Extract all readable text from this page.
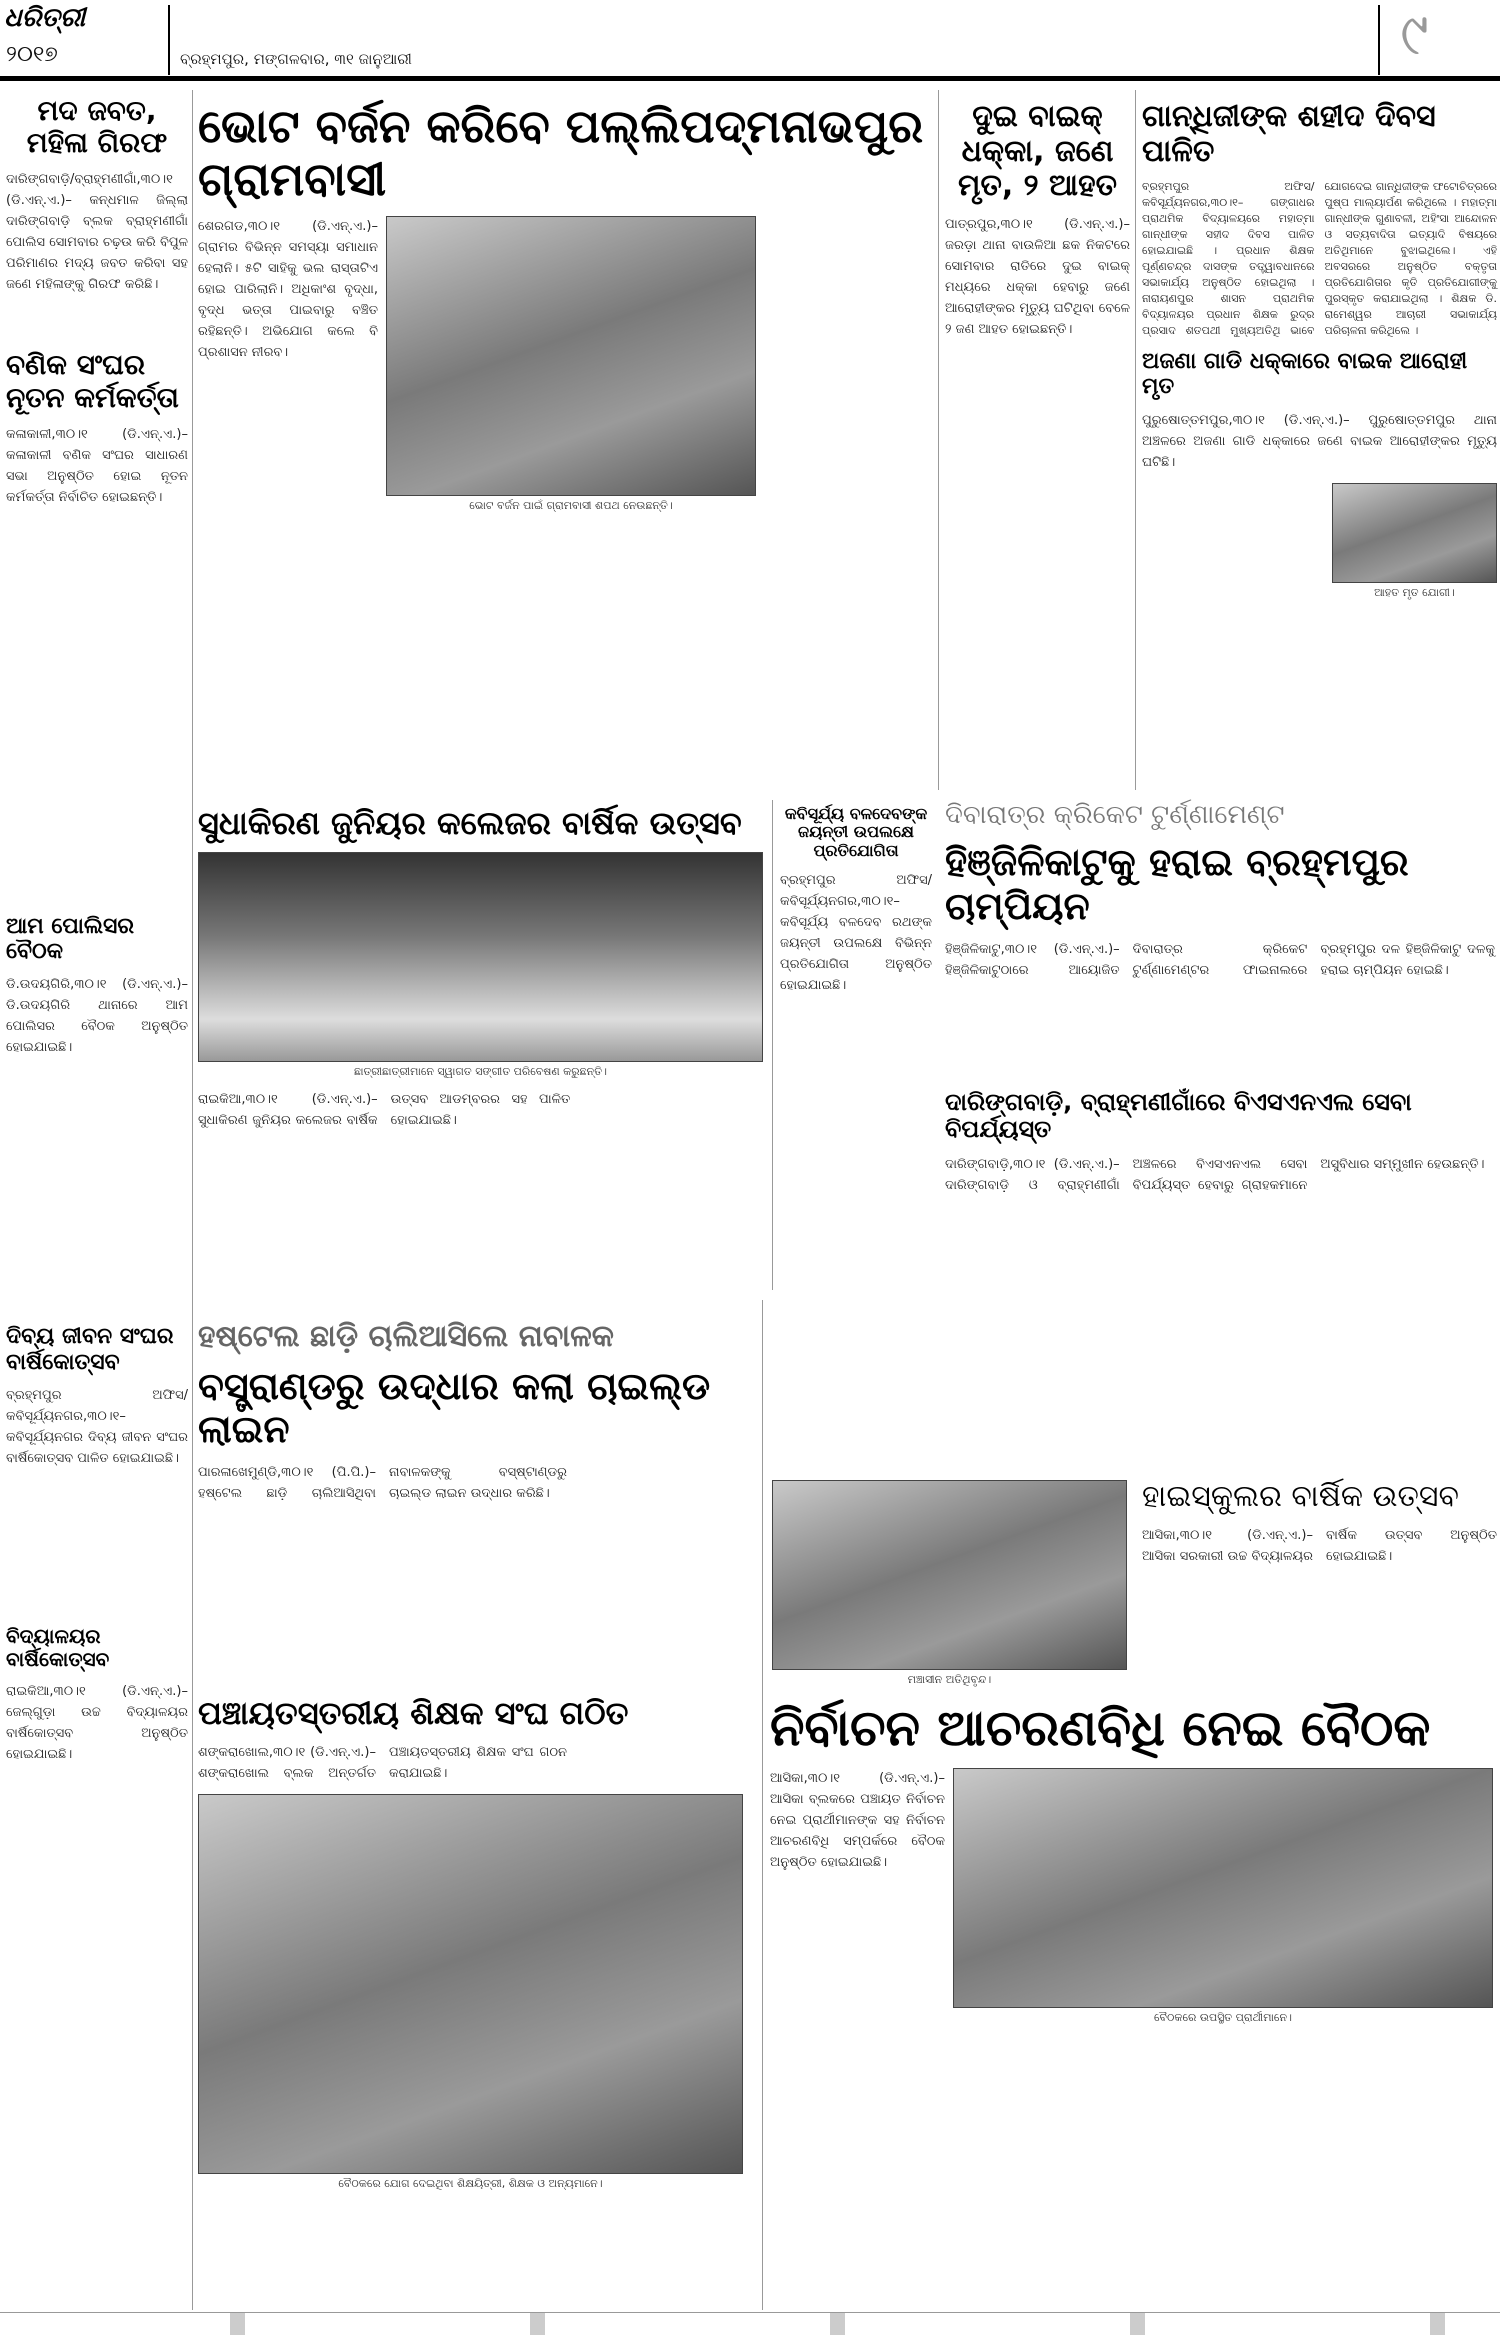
ଧରିତ୍ରୀ
୨୦୧୭	ବ୍ରହ୍ମପୁର, ମଙ୍ଗଳବାର, ୩୧ ଜାନୁଆରୀ	୯
ମଦ ଜବତ, ମହିଳା ଗିରଫ
ଦାରିଙ୍ଗବାଡ଼ି/ବ୍ରାହ୍ମଣୀଗାଁ,୩୦।୧ (ଡି.ଏନ୍.ଏ.)– କନ୍ଧମାଳ ଜିଲ୍ଲା ଦାରିଙ୍ଗବାଡ଼ି ବ୍ଲକ ବ୍ରାହ୍ମଣୀଗାଁ ପୋଲିସ ସୋମବାର ଚଢ଼ଉ କରି ବିପୁଳ ପରିମାଣର ମଦ୍ୟ ଜବତ କରିବା ସହ ଜଣେ ମହିଳାଙ୍କୁ ଗିରଫ କରିଛି।
ବଣିକ ସଂଘର ନୂତନ କର୍ମକର୍ତ୍ତା
କଳାକାଳୀ,୩୦।୧ (ଡି.ଏନ୍.ଏ.)– କଳାକାଳୀ ବଣିକ ସଂଘର ସାଧାରଣ ସଭା ଅନୁଷ୍ଠିତ ହୋଇ ନୂତନ କର୍ମକର୍ତ୍ତା ନିର୍ବାଚିତ ହୋଇଛନ୍ତି।
ଆମ ପୋଲିସର ବୈଠକ
ଡି.ଉଦୟଗିରି,୩୦।୧ (ଡି.ଏନ୍.ଏ.)– ଡି.ଉଦୟଗିରି ଥାନାରେ ଆମ ପୋଲିସର ବୈଠକ ଅନୁଷ୍ଠିତ ହୋଇଯାଇଛି।
ଦିବ୍ୟ ଜୀବନ ସଂଘର ବାର୍ଷିକୋତ୍ସବ
ବ୍ରହ୍ମପୁର ଅଫିସ/କବିସୂର୍ଯ୍ୟନଗର,୩୦।୧– କବିସୂର୍ଯ୍ୟନଗର ଦିବ୍ୟ ଜୀବନ ସଂଘର ବାର୍ଷିକୋତ୍ସବ ପାଳିତ ହୋଇଯାଇଛି।
ବିଦ୍ୟାଳୟର ବାର୍ଷିକୋତ୍ସବ
ରାଇକିଆ,୩୦।୧ (ଡି.ଏନ୍.ଏ.)– ଜେଲ୍ଗୁଡ଼ା ଉଚ୍ଚ ବିଦ୍ୟାଳୟର ବାର୍ଷିକୋତ୍ସବ ଅନୁଷ୍ଠିତ ହୋଇଯାଇଛି।
ଭୋଟ ବର୍ଜନ କରିବେ ପଲ୍ଲିପଦ୍ମନାଭପୁର ଗ୍ରାମବାସୀ
ଶେରଗଡ,୩୦।୧ (ଡି.ଏନ୍.ଏ.)– ଗ୍ରାମର ବିଭିନ୍ନ ସମସ୍ୟା ସମାଧାନ ହେଲାନି। ୫ଟି ସାହିକୁ ଭଲ ରାସ୍ତାଟିଏ ହୋଇ ପାରିଲାନି। ଅଧିକାଂଶ ବୃଦ୍ଧା, ବୃଦ୍ଧ ଭତ୍ତା ପାଇବାରୁ ବଞ୍ଚିତ ରହିଛନ୍ତି। ଅଭିଯୋଗ କଲେ ବି ପ୍ରଶାସନ ନୀରବ।
ଭୋଟ ବର୍ଜନ ପାଇଁ ଗ୍ରାମବାସୀ ଶପଥ ନେଉଛନ୍ତି।
ଦୁଇ ବାଇକ୍ ଧକ୍କା, ଜଣେ ମୃତ, ୨ ଆହତ
ପାତ୍ରପୁର,୩୦।୧ (ଡି.ଏନ୍.ଏ.)– ଜରଡ଼ା ଥାନା ବାଉଳିଆ ଛକ ନିକଟରେ ସୋମବାର ରାତିରେ ଦୁଇ ବାଇକ୍ ମଧ୍ୟରେ ଧକ୍କା ହେବାରୁ ଜଣେ ଆରୋହୀଙ୍କର ମୃତ୍ୟୁ ଘଟିଥିବା ବେଳେ ୨ ଜଣ ଆହତ ହୋଇଛନ୍ତି।
ଗାନ୍ଧିଜୀଙ୍କ ଶହୀଦ ଦିବସ ପାଳିତ
ବ୍ରହ୍ମପୁର ଅଫିସ/ କବିସୂର୍ଯ୍ୟନଗର,୩୦।୧– ଗଙ୍ଗାଧର ପ୍ରାଥମିକ ବିଦ୍ୟାଳୟରେ ମହାତ୍ମା ଗାନ୍ଧୀଙ୍କ ସହୀଦ ଦିବସ ପାଳିତ ହୋଇଯାଇଛି । ପ୍ରଧାନ ଶିକ୍ଷକ ପୂର୍ଣ୍ଣଚନ୍ଦ୍ର ଦାସଙ୍କ ତତ୍ତ୍ୱାବଧାନରେ ସଭାକାର୍ଯ୍ୟ ଅନୁଷ୍ଠିତ ହୋଇଥିଲା । ନାରାୟଣପୁର ଶାସନ ପ୍ରାଥମିକ ବିଦ୍ୟାଳୟର ପ୍ରଧାନ ଶିକ୍ଷକ ରୁଦ୍ର ପ୍ରସାଦ ଶତପଥୀ ମୁଖ୍ୟଅତିଥି ଭାବେ ଯୋଗଦେଇ ଗାନ୍ଧିଜୀଙ୍କ ଫଟୋଚିତ୍ରରେ ପୁଷ୍ପ ମାଲ୍ୟାର୍ପଣ କରିଥିଲେ । ମହାତ୍ମା ଗାନ୍ଧୀଙ୍କ ଗୁଣାବଳୀ, ଅହିଂସା ଆନ୍ଦୋଳନ ଓ ସତ୍ୟବାଦିତା ଇତ୍ୟାଦି ବିଷୟରେ ଅତିଥିମାନେ ବୁଝାଇଥିଲେ। ଏହି ଅବସରରେ ଅନୁଷ୍ଠିତ ବକ୍ତୃତା ପ୍ରତିଯୋଗିତାର କୃତି ପ୍ରତିଯୋଗୀଙ୍କୁ ପୁରସ୍କୃତ କରାଯାଇଥିଲା । ଶିକ୍ଷକ ଡି. ରାମେଶ୍ୱର ଆଚାରୀ ସଭାକାର୍ଯ୍ୟ ପରିଚାଳନା କରିଥିଲେ ।
ଅଜଣା ଗାଡି ଧକ୍କାରେ ବାଇକ ଆରୋହୀ ମୃତ
ପୁରୁଷୋତ୍ତମପୁର,୩୦।୧ (ଡି.ଏନ୍.ଏ.)– ପୁରୁଷୋତ୍ତମପୁର ଥାନା ଅଞ୍ଚଳରେ ଅଜଣା ଗାଡି ଧକ୍କାରେ ଜଣେ ବାଇକ ଆରୋହୀଙ୍କର ମୃତ୍ୟୁ ଘଟିଛି।
ଆହତ ମୃତ ଯୋଗୀ।
ସୁଧାକିରଣ ଜୁନିୟର କଲେଜର ବାର୍ଷିକ ଉତ୍ସବ
ଛାତ୍ରୀଛାତ୍ରୀମାନେ ସ୍ୱାଗତ ସଙ୍ଗୀତ ପରିବେଷଣ କରୁଛନ୍ତି।
ରାଇକିଆ,୩୦।୧ (ଡି.ଏନ୍.ଏ.)– ସୁଧାକିରଣ ଜୁନିୟର କଲେଜର ବାର୍ଷିକ ଉତ୍ସବ ଆଡମ୍ବରର ସହ ପାଳିତ ହୋଇଯାଇଛି।
କବିସୂର୍ଯ୍ୟ ବଳଦେବଙ୍କ ଜୟନ୍ତୀ ଉପଲକ୍ଷେ ପ୍ରତିଯୋଗିତା
ବ୍ରହ୍ମପୁର ଅଫିସ/ କବିସୂର୍ଯ୍ୟନଗର,୩୦।୧– କବିସୂର୍ଯ୍ୟ ବଳଦେବ ରଥଙ୍କ ଜୟନ୍ତୀ ଉପଲକ୍ଷେ ବିଭିନ୍ନ ପ୍ରତିଯୋଗିତା ଅନୁଷ୍ଠିତ ହୋଇଯାଇଛି।
ଦିବାରାତ୍ର କ୍ରିକେଟ ଟୁର୍ଣ୍ଣାମେଣ୍ଟ
ହିଞ୍ଜିଳିକାଟୁକୁ ହରାଇ ବ୍ରହ୍ମପୁର ଚାମ୍ପିୟନ
ହିଞ୍ଜିଳିକାଟୁ,୩୦।୧ (ଡି.ଏନ୍.ଏ.)– ହିଞ୍ଜିଳିକାଟୁଠାରେ ଆୟୋଜିତ ଦିବାରାତ୍ର କ୍ରିକେଟ ଟୁର୍ଣ୍ଣାମେଣ୍ଟର ଫାଇନାଲରେ ବ୍ରହ୍ମପୁର ଦଳ ହିଞ୍ଜିଳିକାଟୁ ଦଳକୁ ହରାଇ ଚାମ୍ପିୟନ ହୋଇଛି।
ଦାରିଙ୍ଗବାଡ଼ି, ବ୍ରାହ୍ମଣୀଗାଁରେ ବିଏସଏନଏଲ ସେବା ବିପର୍ଯ୍ୟସ୍ତ
ଦାରିଙ୍ଗବାଡ଼ି,୩୦।୧ (ଡି.ଏନ୍.ଏ.)– ଦାରିଙ୍ଗବାଡ଼ି ଓ ବ୍ରାହ୍ମଣୀଗାଁ ଅଞ୍ଚଳରେ ବିଏସଏନଏଲ ସେବା ବିପର୍ଯ୍ୟସ୍ତ ହେବାରୁ ଗ୍ରାହକମାନେ ଅସୁବିଧାର ସମ୍ମୁଖୀନ ହେଉଛନ୍ତି।
ହଷ୍ଟେଲ ଛାଡ଼ି ଚାଲିଆସିଲେ ନାବାଳକ
ବସ୍ତ୍ରାଣ୍ଡରୁ ଉଦ୍ଧାର କଲା ଚାଇଲ୍ଡ ଲାଇନ
ପାରଳାଖେମୁଣ୍ଡି,୩୦।୧ (ପି.ପି.)– ହଷ୍ଟେଲ ଛାଡ଼ି ଚାଲିଆସିଥିବା ନାବାଳକଙ୍କୁ ବସ୍ଷ୍ଟାଣ୍ଡରୁ ଚାଇଲ୍ଡ ଲାଇନ ଉଦ୍ଧାର କରିଛି।
ମଞ୍ଚାସୀନ ଅତିଥିବୃନ୍ଦ।
ହାଇସ୍କୁଲର ବାର୍ଷିକ ଉତ୍ସବ
ଆସିକା,୩୦।୧ (ଡି.ଏନ୍.ଏ.)– ଆସିକା ସରକାରୀ ଉଚ୍ଚ ବିଦ୍ୟାଳୟର ବାର୍ଷିକ ଉତ୍ସବ ଅନୁଷ୍ଠିତ ହୋଇଯାଇଛି।
ପଞ୍ଚାୟତସ୍ତରୀୟ ଶିକ୍ଷକ ସଂଘ ଗଠିତ
ଶଙ୍କରାଖୋଲ,୩୦।୧ (ଡି.ଏନ୍.ଏ.)– ଶଙ୍କରାଖୋଲ ବ୍ଲକ ଅନ୍ତର୍ଗତ ପଞ୍ଚାୟତସ୍ତରୀୟ ଶିକ୍ଷକ ସଂଘ ଗଠନ କରାଯାଇଛି।
ବୈଠକରେ ଯୋଗ ଦେଇଥିବା ଶିକ୍ଷୟିତ୍ରୀ, ଶିକ୍ଷକ ଓ ଅନ୍ୟମାନେ।
ନିର୍ବାଚନ ଆଚରଣବିଧି ନେଇ ବୈଠକ
ଆସିକା,୩୦।୧ (ଡି.ଏନ୍.ଏ.)– ଆସିକା ବ୍ଲକରେ ପଞ୍ଚାୟତ ନିର୍ବାଚନ ନେଇ ପ୍ରାର୍ଥୀମାନଙ୍କ ସହ ନିର୍ବାଚନ ଆଚରଣବିଧି ସମ୍ପର୍କରେ ବୈଠକ ଅନୁଷ୍ଠିତ ହୋଇଯାଇଛି।
ବୈଠକରେ ଉପସ୍ଥିତ ପ୍ରାର୍ଥୀମାନେ।
